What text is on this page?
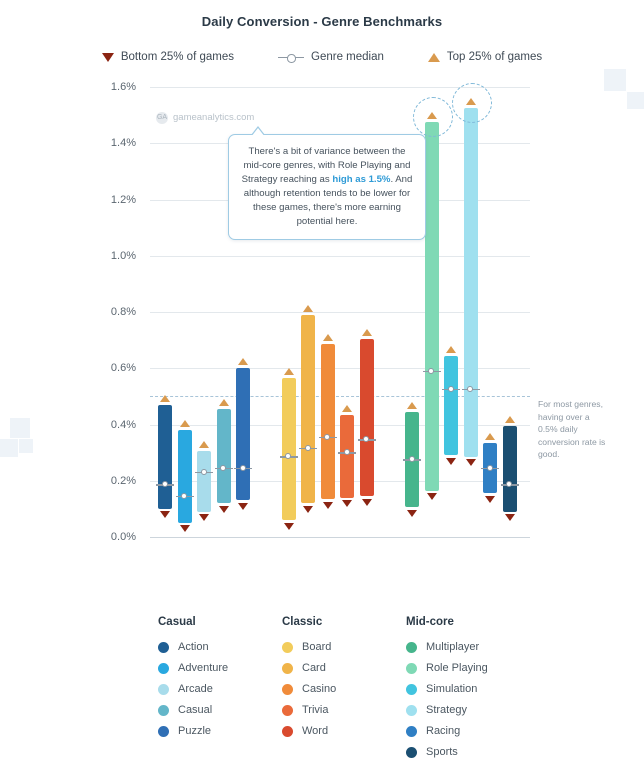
Daily Conversion - Genre Benchmarks
Bottom 25% of games	Genre median	Top 25% of games
0.0%
0.2%
0.4%
0.6%
0.8%
1.0%
1.2%
1.4%
1.6%
GA gameanalytics.com
There's a bit of variance between the mid-core genres, with Role Playing and Strategy reaching as high as 1.5%. And although retention tends to be lower for these games, there's more earning potential here.
For most genres, having over a 0.5% daily conversion rate is good.
Casual
Action
Adventure
Arcade
Casual
Puzzle
Classic
Board
Card
Casino
Trivia
Word
Mid-core
Multiplayer
Role Playing
Simulation
Strategy
Racing
Sports
